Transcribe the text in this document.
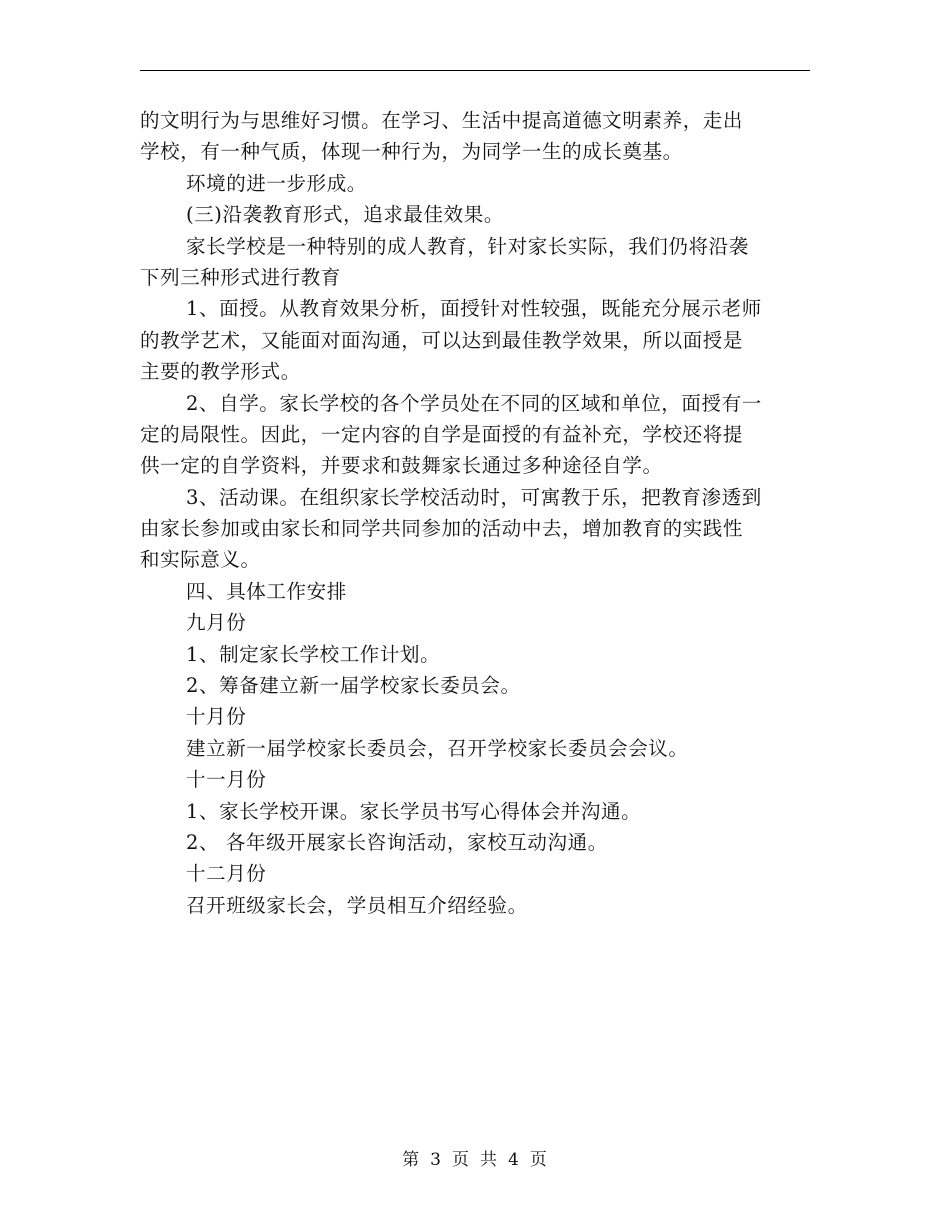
的文明行为与思维好习惯。在学习、生活中提高道德文明素养，走出
学校，有一种气质，体现一种行为，为同学一生的成长奠基。
环境的进一步形成。
(三)沿袭教育形式，追求最佳效果。
家长学校是一种特别的成人教育，针对家长实际，我们仍将沿袭
下列三种形式进行教育
1、面授。从教育效果分析，面授针对性较强，既能充分展示老师
的教学艺术，又能面对面沟通，可以达到最佳教学效果，所以面授是
主要的教学形式。
2、自学。家长学校的各个学员处在不同的区域和单位，面授有一
定的局限性。因此，一定内容的自学是面授的有益补充，学校还将提
供一定的自学资料，并要求和鼓舞家长通过多种途径自学。
3、活动课。在组织家长学校活动时，可寓教于乐，把教育渗透到
由家长参加或由家长和同学共同参加的活动中去，增加教育的实践性
和实际意义。
四、具体工作安排
九月份
1、制定家长学校工作计划。
2、筹备建立新一届学校家长委员会。
十月份
建立新一届学校家长委员会，召开学校家长委员会会议。
十一月份
1、家长学校开课。家长学员书写心得体会并沟通。
2、 各年级开展家长咨询活动，家校互动沟通。
十二月份
召开班级家长会，学员相互介绍经验。
第 3 页 共 4 页
